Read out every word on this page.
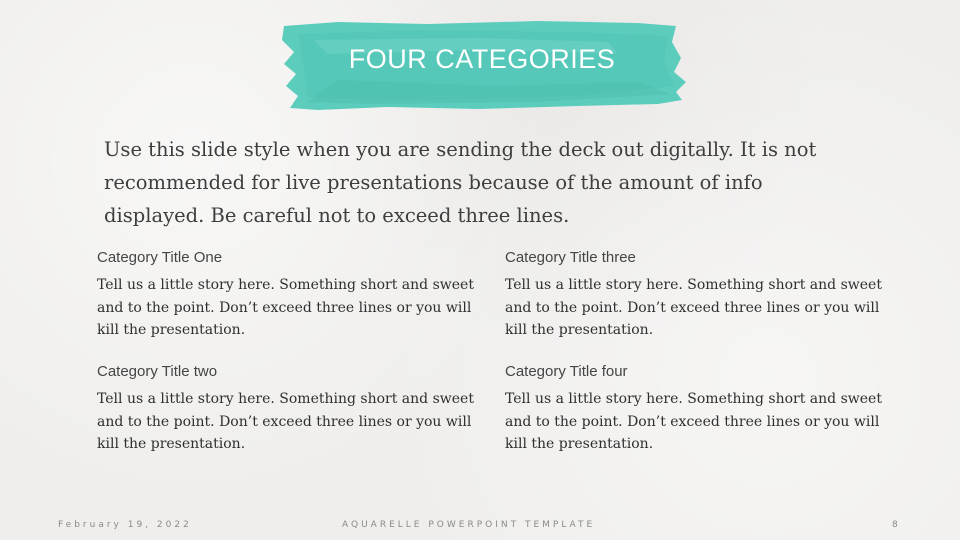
FOUR CATEGORIES

Use this slide style when you are sending the deck out digitally. It is not recommended for live presentations because of the amount of info displayed. Be careful not to exceed three lines.

Category Title One

Tell us a little story here. Something short and sweet and to the point. Don’t exceed three lines or you will kill the presentation.

Category Title two

Tell us a little story here. Something short and sweet and to the point. Don’t exceed three lines or you will kill the presentation.

Category Title three

Tell us a little story here. Something short and sweet and to the point. Don’t exceed three lines or you will kill the presentation.

Category Title four

Tell us a little story here. Something short and sweet and to the point. Don’t exceed three lines or you will kill the presentation.

February 19, 2022	AQUARELLE POWERPOINT TEMPLATE	8
